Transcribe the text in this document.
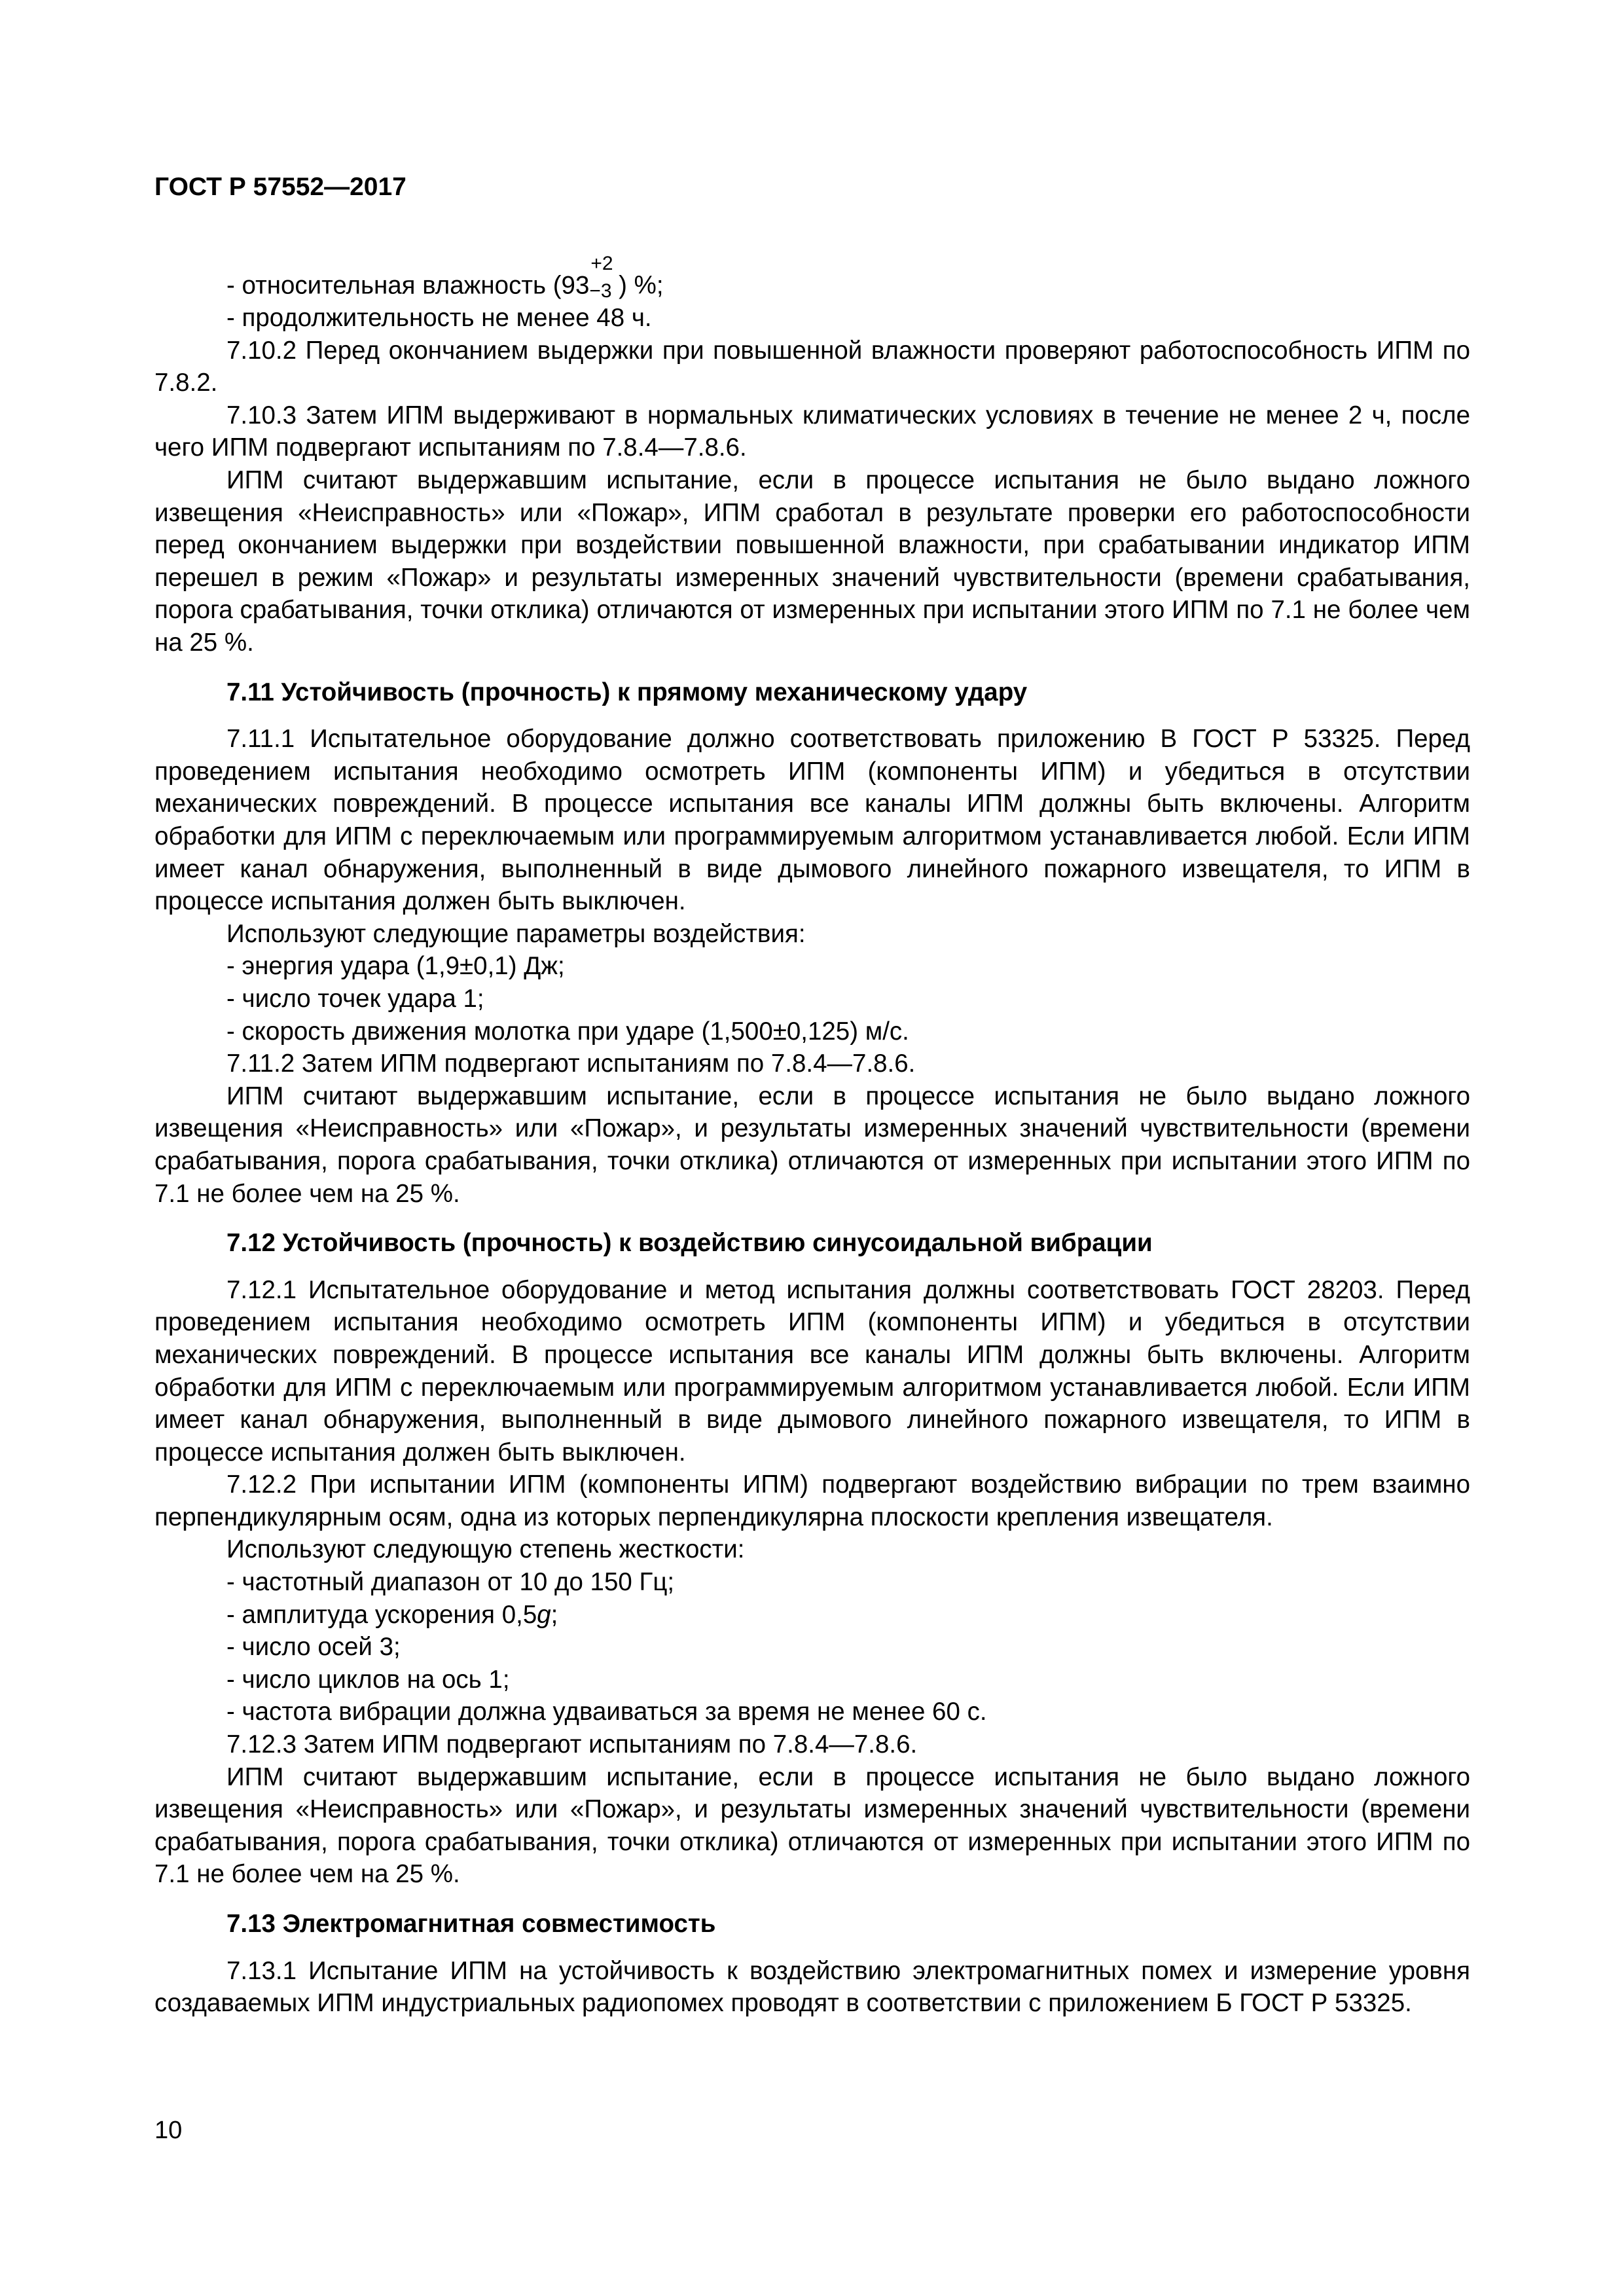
ГОСТ Р 57552—2017
- относительная влажность (93
+2
−3 ) %;
- продолжительность не менее 48 ч.

7.10.2 Перед окончанием выдержки при повышенной влажности проверяют работоспособность ИПМ по 7.8.2.

7.10.3 Затем ИПМ выдерживают в нормальных климатических условиях в течение не менее 2 ч, после чего ИПМ подвергают испытаниям по 7.8.4—7.8.6.

ИПМ считают выдержавшим испытание, если в процессе испытания не было выдано ложного извещения «Неисправность» или «Пожар», ИПМ сработал в результате проверки его работоспособности перед окончанием выдержки при воздействии повышенной влажности, при срабатывании индикатор ИПМ перешел в режим «Пожар» и результаты измеренных значений чувствительности (времени срабатывания, порога срабатывания, точки отклика) отличаются от измеренных при испытании этого ИПМ по 7.1 не более чем на 25 %.

7.11 Устойчивость (прочность) к прямому механическому удару

7.11.1 Испытательное оборудование должно соответствовать приложению В ГОСТ Р 53325. Перед проведением испытания необходимо осмотреть ИПМ (компоненты ИПМ) и убедиться в отсутствии механических повреждений. В процессе испытания все каналы ИПМ должны быть включены. Алгоритм обработки для ИПМ с переключаемым или программируемым алгоритмом устанавливается любой. Если ИПМ имеет канал обнаружения, выполненный в виде дымового линейного пожарного извещателя, то ИПМ в процессе испытания должен быть выключен.

Используют следующие параметры воздействия:
- энергия удара (1,9±0,1) Дж;
- число точек удара 1;
- скорость движения молотка при ударе (1,500±0,125) м/с.
7.11.2 Затем ИПМ подвергают испытаниям по 7.8.4—7.8.6.

ИПМ считают выдержавшим испытание, если в процессе испытания не было выдано ложного извещения «Неисправность» или «Пожар», и результаты измеренных значений чувствительности (времени срабатывания, порога срабатывания, точки отклика) отличаются от измеренных при испытании этого ИПМ по 7.1 не более чем на 25 %.

7.12 Устойчивость (прочность) к воздействию синусоидальной вибрации

7.12.1 Испытательное оборудование и метод испытания должны соответствовать ГОСТ 28203. Перед проведением испытания необходимо осмотреть ИПМ (компоненты ИПМ) и убедиться в отсутствии механических повреждений. В процессе испытания все каналы ИПМ должны быть включены. Алгоритм обработки для ИПМ с переключаемым или программируемым алгоритмом устанавливается любой. Если ИПМ имеет канал обнаружения, выполненный в виде дымового линейного пожарного извещателя, то ИПМ в процессе испытания должен быть выключен.

7.12.2 При испытании ИПМ (компоненты ИПМ) подвергают воздействию вибрации по трем взаимно перпендикулярным осям, одна из которых перпендикулярна плоскости крепления извещателя.

Используют следующую степень жесткости:
- частотный диапазон от 10 до 150 Гц;
- амплитуда ускорения 0,5g;
- число осей 3;
- число циклов на ось 1;
- частота вибрации должна удваиваться за время не менее 60 с.
7.12.3 Затем ИПМ подвергают испытаниям по 7.8.4—7.8.6.

ИПМ считают выдержавшим испытание, если в процессе испытания не было выдано ложного извещения «Неисправность» или «Пожар», и результаты измеренных значений чувствительности (времени срабатывания, порога срабатывания, точки отклика) отличаются от измеренных при испытании этого ИПМ по 7.1 не более чем на 25 %.

7.13 Электромагнитная совместимость

7.13.1 Испытание ИПМ на устойчивость к воздействию электромагнитных помех и измерение уровня создаваемых ИПМ индустриальных радиопомех проводят в соответствии с приложением Б ГОСТ Р 53325.

10
